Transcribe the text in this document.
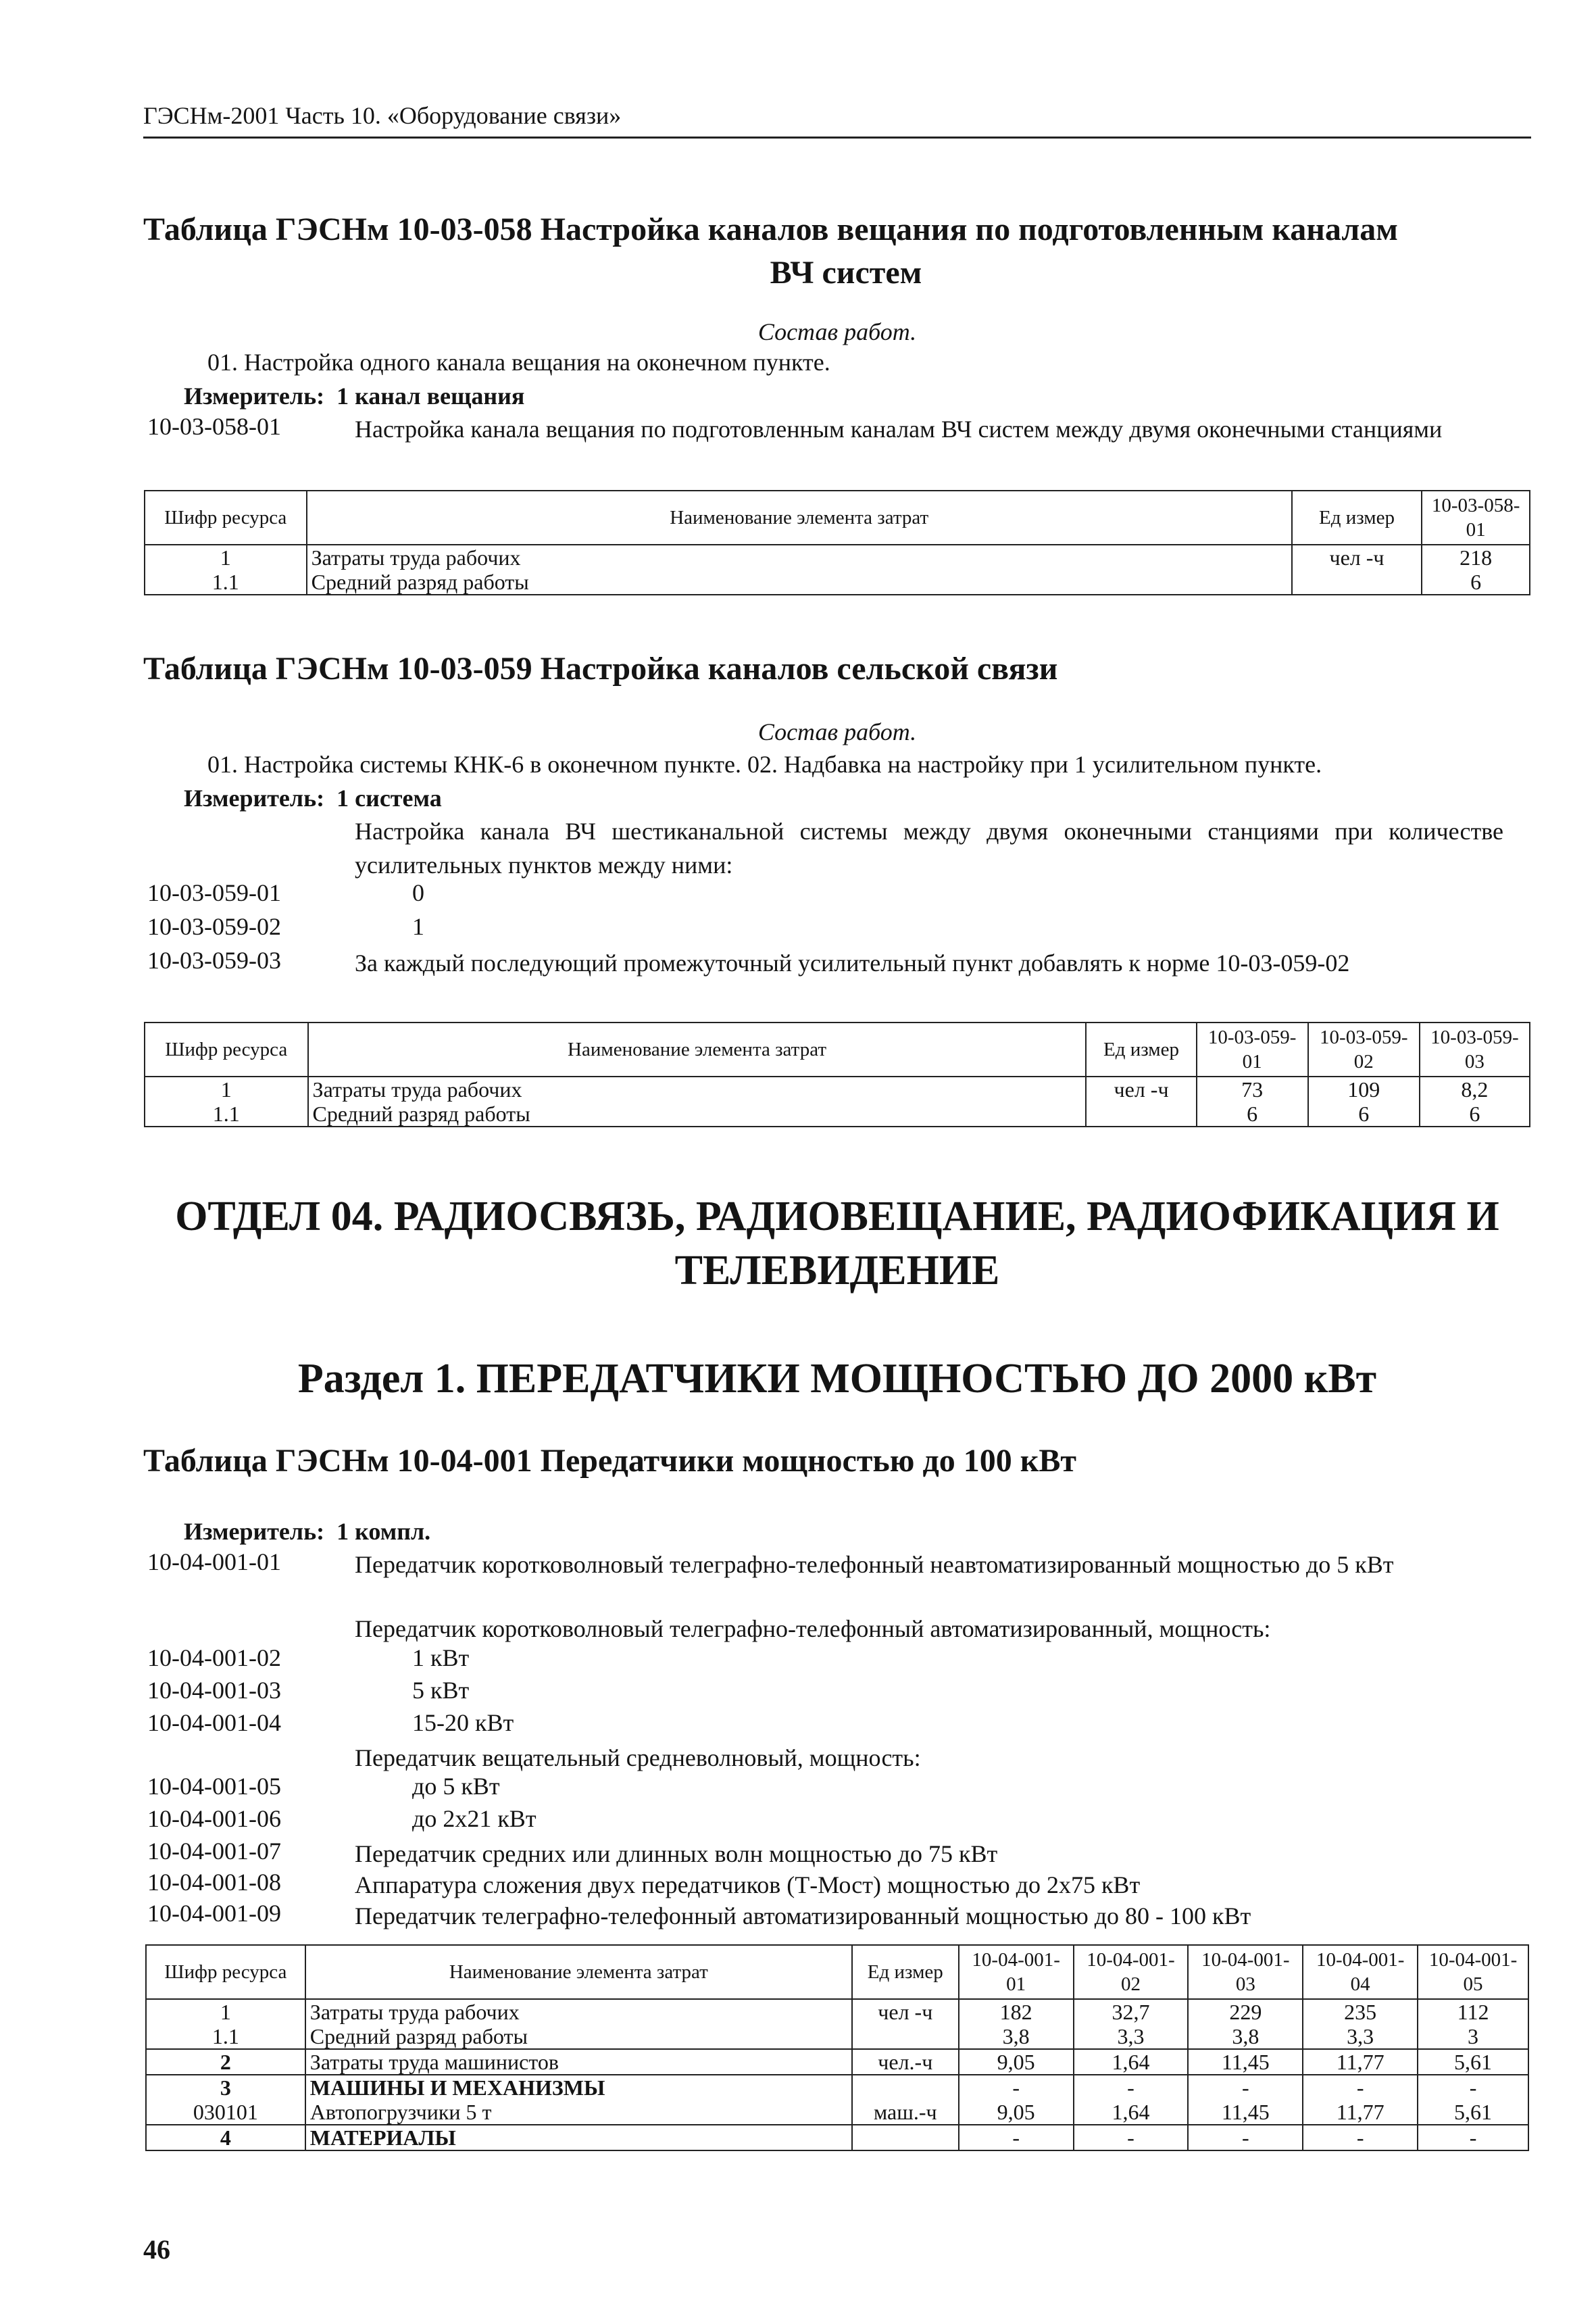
ГЭСНм-2001 Часть 10. «Оборудование связи»
Таблица ГЭСНм 10-03-058 Настройка каналов вещания по подготовленным каналам
ВЧ систем
Состав работ.
01. Настройка одного канала вещания на оконечном пункте.
Измеритель: 1 канал вещания
10-03-058-01	Настройка канала вещания по подготовленным каналам ВЧ систем между двумя оконечными станциями
Шифр ресурса	Наименование элемента затрат	Ед измер	10-03-058-01
1	Затраты труда рабочих	чел -ч	218
1.1	Средний разряд работы		6
Таблица ГЭСНм 10-03-059 Настройка каналов сельской связи
Состав работ.
01. Настройка системы КНК-6 в оконечном пункте. 02. Надбавка на настройку при 1 усилительном пункте.
Измеритель: 1 система
Настройка канала ВЧ шестиканальной системы между двумя оконечными станциями при количестве усилительных пунктов между ними:
10-03-059-01	0
10-03-059-02	1
10-03-059-03	За каждый последующий промежуточный усилительный пункт добавлять к норме 10-03-059-02
Шифр ресурса	Наименование элемента затрат	Ед измер	10-03-059-01	10-03-059-02	10-03-059-03
1	Затраты труда рабочих	чел -ч	73	109	8,2
1.1	Средний разряд работы		6	6	6
ОТДЕЛ 04. РАДИОСВЯЗЬ, РАДИОВЕЩАНИЕ, РАДИОФИКАЦИЯ И
ТЕЛЕВИДЕНИЕ
Раздел 1. ПЕРЕДАТЧИКИ МОЩНОСТЬЮ ДО 2000 кВт
Таблица ГЭСНм 10-04-001 Передатчики мощностью до 100 кВт
Измеритель: 1 компл.
10-04-001-01	Передатчик коротковолновый телеграфно-телефонный неавтоматизированный мощностью до 5 кВт
Передатчик коротковолновый телеграфно-телефонный автоматизированный, мощность:
10-04-001-02	1 кВт
10-04-001-03	5 кВт
10-04-001-04	15-20 кВт
Передатчик вещательный средневолновый, мощность:
10-04-001-05	до 5 кВт
10-04-001-06	до 2x21 кВт
10-04-001-07	Передатчик средних или длинных волн мощностью до 75 кВт
10-04-001-08	Аппаратура сложения двух передатчиков (Т-Мост) мощностью до 2x75 кВт
10-04-001-09	Передатчик телеграфно-телефонный автоматизированный мощностью до 80 - 100 кВт
Шифр ресурса	Наименование элемента затрат	Ед измер	10-04-001-01	10-04-001-02	10-04-001-03	10-04-001-04	10-04-001-05
1	Затраты труда рабочих	чел -ч	182	32,7	229	235	112
1.1	Средний разряд работы		3,8	3,3	3,8	3,3	3
2	Затраты труда машинистов	чел.-ч	9,05	1,64	11,45	11,77	5,61
3	МАШИНЫ И МЕХАНИЗМЫ		-	-	-	-	-
030101	Автопогрузчики 5 т	маш.-ч	9,05	1,64	11,45	11,77	5,61
4	МАТЕРИАЛЫ		-	-	-	-	-
46
